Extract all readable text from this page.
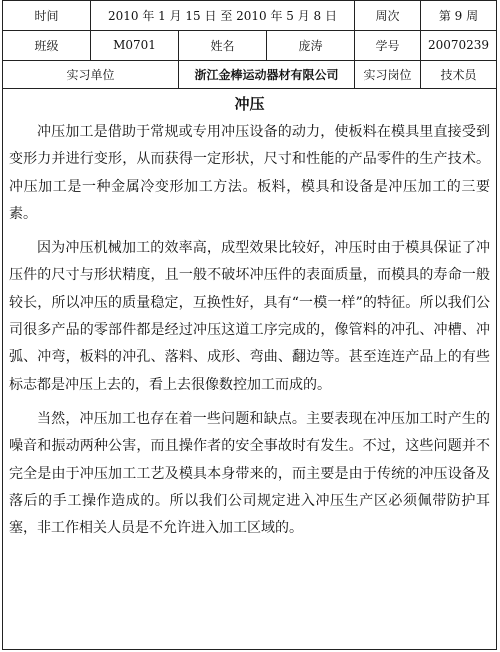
时间	2010 年 1 月 15 日 至 2010 年 5 月 8 日	周次	第 9 周
班级	M0701	姓名	庞涛	学号	20070239
实习单位	浙江金棒运动器材有限公司	实习岗位	技术员
冲压

冲压加工是借助于常规或专用冲压设备的动力，使板料在模具里直接受到变形力并进行变形，从而获得一定形状，尺寸和性能的产品零件的生产技术。冲压加工是一种金属冷变形加工方法。板料，模具和设备是冲压加工的三要素。

因为冲压机械加工的效率高，成型效果比较好，冲压时由于模具保证了冲压件的尺寸与形状精度，且一般不破坏冲压件的表面质量，而模具的寿命一般较长，所以冲压的质量稳定，互换性好，具有“一模一样”的特征。所以我们公司很多产品的零部件都是经过冲压这道工序完成的，像管料的冲孔、冲槽、冲弧、冲弯，板料的冲孔、落料、成形、弯曲、翻边等。甚至连连产品上的有些标志都是冲压上去的，看上去很像数控加工而成的。

当然，冲压加工也存在着一些问题和缺点。主要表现在冲压加工时产生的噪音和振动两种公害，而且操作者的安全事故时有发生。不过，这些问题并不完全是由于冲压加工工艺及模具本身带来的，而主要是由于传统的冲压设备及落后的手工操作造成的。所以我们公司规定进入冲压生产区必须佩带防护耳塞，非工作相关人员是不允许进入加工区域的。
